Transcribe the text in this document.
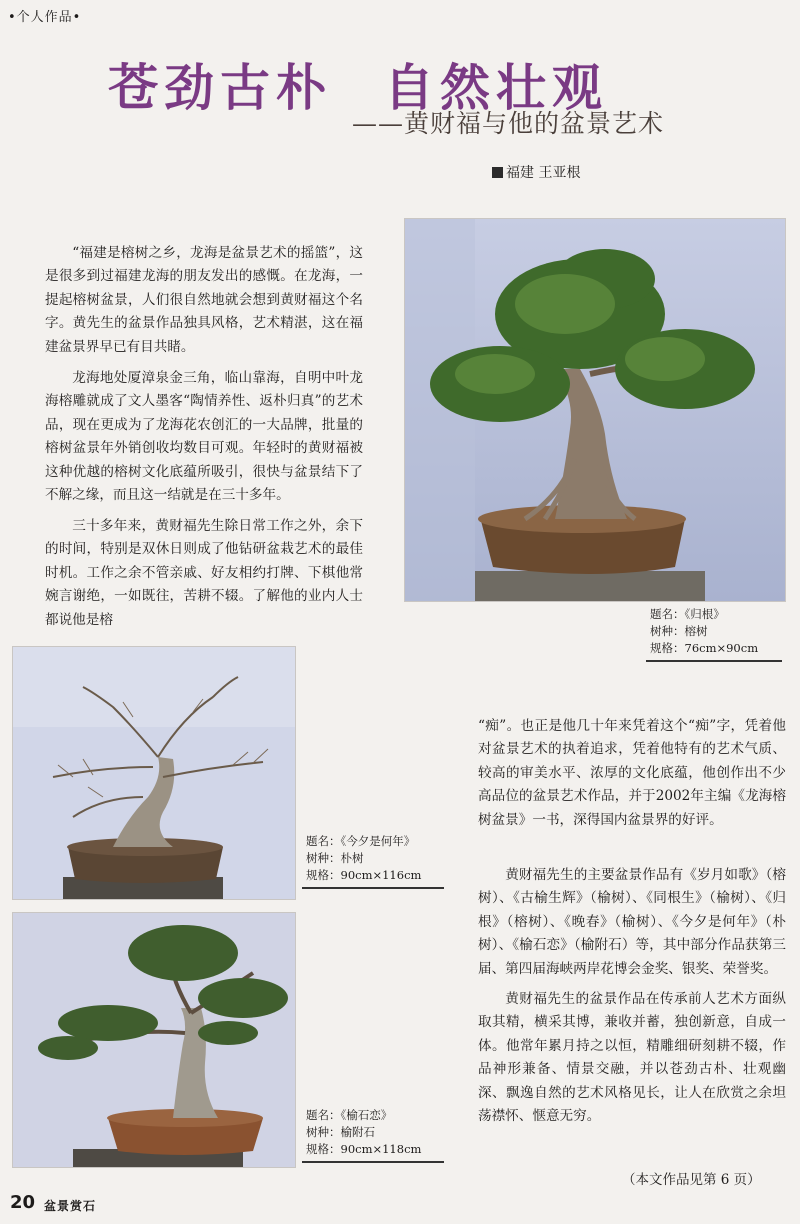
•个人作品•
苍劲古朴 自然壮观
——黄财福与他的盆景艺术
福建 王亚根

“福建是榕树之乡，龙海是盆景艺术的摇篮”，这是很多到过福建龙海的朋友发出的感慨。在龙海，一提起榕树盆景，人们很自然地就会想到黄财福这个名字。黄先生的盆景作品独具风格，艺术精湛，这在福建盆景界早已有目共睹。

龙海地处厦漳泉金三角，临山靠海，自明中叶龙海榕雕就成了文人墨客“陶情养性、返朴归真”的艺术品，现在更成为了龙海花农创汇的一大品牌，批量的榕树盆景年外销创收均数目可观。年轻时的黄财福被这种优越的榕树文化底蕴所吸引，很快与盆景结下了不解之缘，而且这一结就是在三十多年。

三十多年来，黄财福先生除日常工作之外，余下的时间，特别是双休日则成了他钻研盆栽艺术的最佳时机。工作之余不管亲戚、好友相约打牌、下棋他常婉言谢绝，一如既往，苦耕不辍。了解他的业内人士都说他是榕

“痴”。也正是他几十年来凭着这个“痴”字，凭着他对盆景艺术的执着追求，凭着他特有的艺术气质、较高的审美水平、浓厚的文化底蕴，他创作出不少高品位的盆景艺术作品，并于2002年主编《龙海榕树盆景》一书，深得国内盆景界的好评。

黄财福先生的主要盆景作品有《岁月如歌》（榕树）、《古榆生辉》（榆树）、《同根生》（榆树）、《归根》（榕树）、《晚春》（榆树）、《今夕是何年》（朴树）、《榆石恋》（榆附石）等，其中部分作品获第三届、第四届海峡两岸花博会金奖、银奖、荣誉奖。

黄财福先生的盆景作品在传承前人艺术方面纵取其精，横采其博，兼收并蓄，独创新意，自成一体。他常年累月持之以恒，精雕细研刻耕不辍，作品神形兼备、情景交融，并以苍劲古朴、壮观幽深、飘逸自然的艺术风格见长，让人在欣赏之余坦荡襟怀、惬意无穷。

（本文作品见第 6 页）
题名：《归根》
树种：榕树
规格：76cm×90cm
题名：《今夕是何年》
树种：朴树
规格：90cm×116cm
题名：《榆石恋》
树种：榆附石
规格：90cm×118cm
20 盆景赏石
